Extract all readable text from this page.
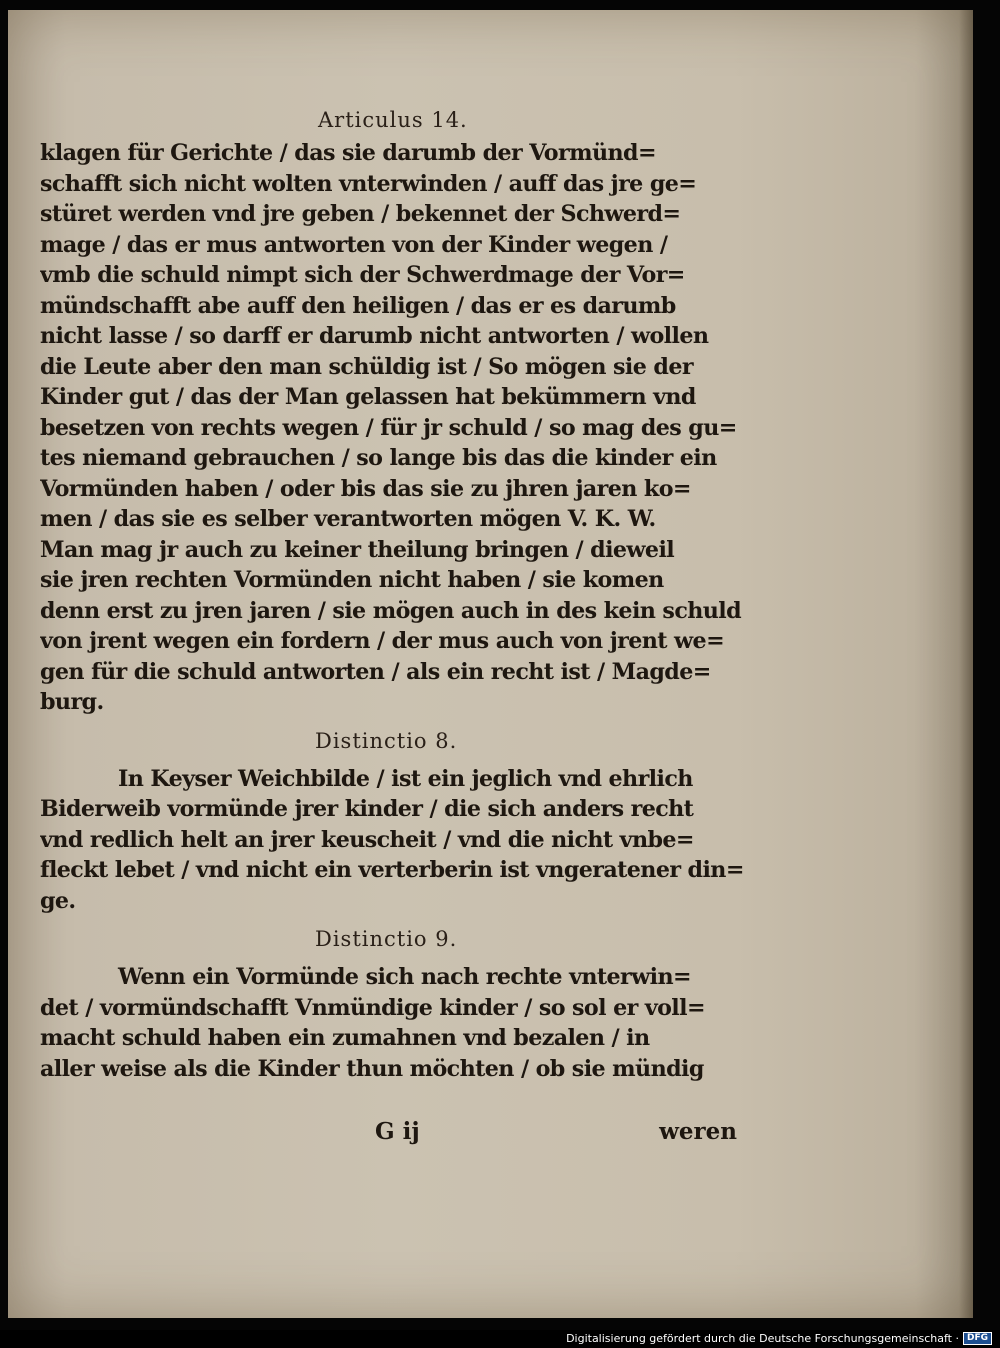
Articulus 14.
klagen für Gerichte / das sie darumb der Vormünd=
schafft sich nicht wolten vnterwinden / auff das jre ge=
stüret werden vnd jre geben / bekennet der Schwerd=
mage / das er mus antworten von der Kinder wegen /
vmb die schuld nimpt sich der Schwerdmage der Vor=
mündschafft abe auff den heiligen / das er es darumb
nicht lasse / so darff er darumb nicht antworten / wollen
die Leute aber den man schüldig ist / So mögen sie der
Kinder gut / das der Man gelassen hat bekümmern vnd
besetzen von rechts wegen / für jr schuld / so mag des gu=
tes niemand gebrauchen / so lange bis das die kinder ein
Vormünden haben / oder bis das sie zu jhren jaren ko=
men / das sie es selber verantworten mögen V. K. W.
Man mag jr auch zu keiner theilung bringen / dieweil
sie jren rechten Vormünden nicht haben / sie komen
denn erst zu jren jaren / sie mögen auch in des kein schuld
von jrent wegen ein fordern / der mus auch von jrent we=
gen für die schuld antworten / als ein recht ist / Magde=
burg.
Distinctio 8.
In Keyser Weichbilde / ist ein jeglich vnd ehrlich
Biderweib vormünde jrer kinder / die sich anders recht
vnd redlich helt an jrer keuscheit / vnd die nicht vnbe=
fleckt lebet / vnd nicht ein verterberin ist vngeratener din=
ge.
Distinctio 9.
Wenn ein Vormünde sich nach rechte vnterwin=
det / vormündschafft Vnmündige kinder / so sol er voll=
macht schuld haben ein zumahnen vnd bezalen / in
aller weise als die Kinder thun möchten / ob sie mündig
G ij	weren
Digitalisierung gefördert durch die Deutsche Forschungsgemeinschaft · DFG
